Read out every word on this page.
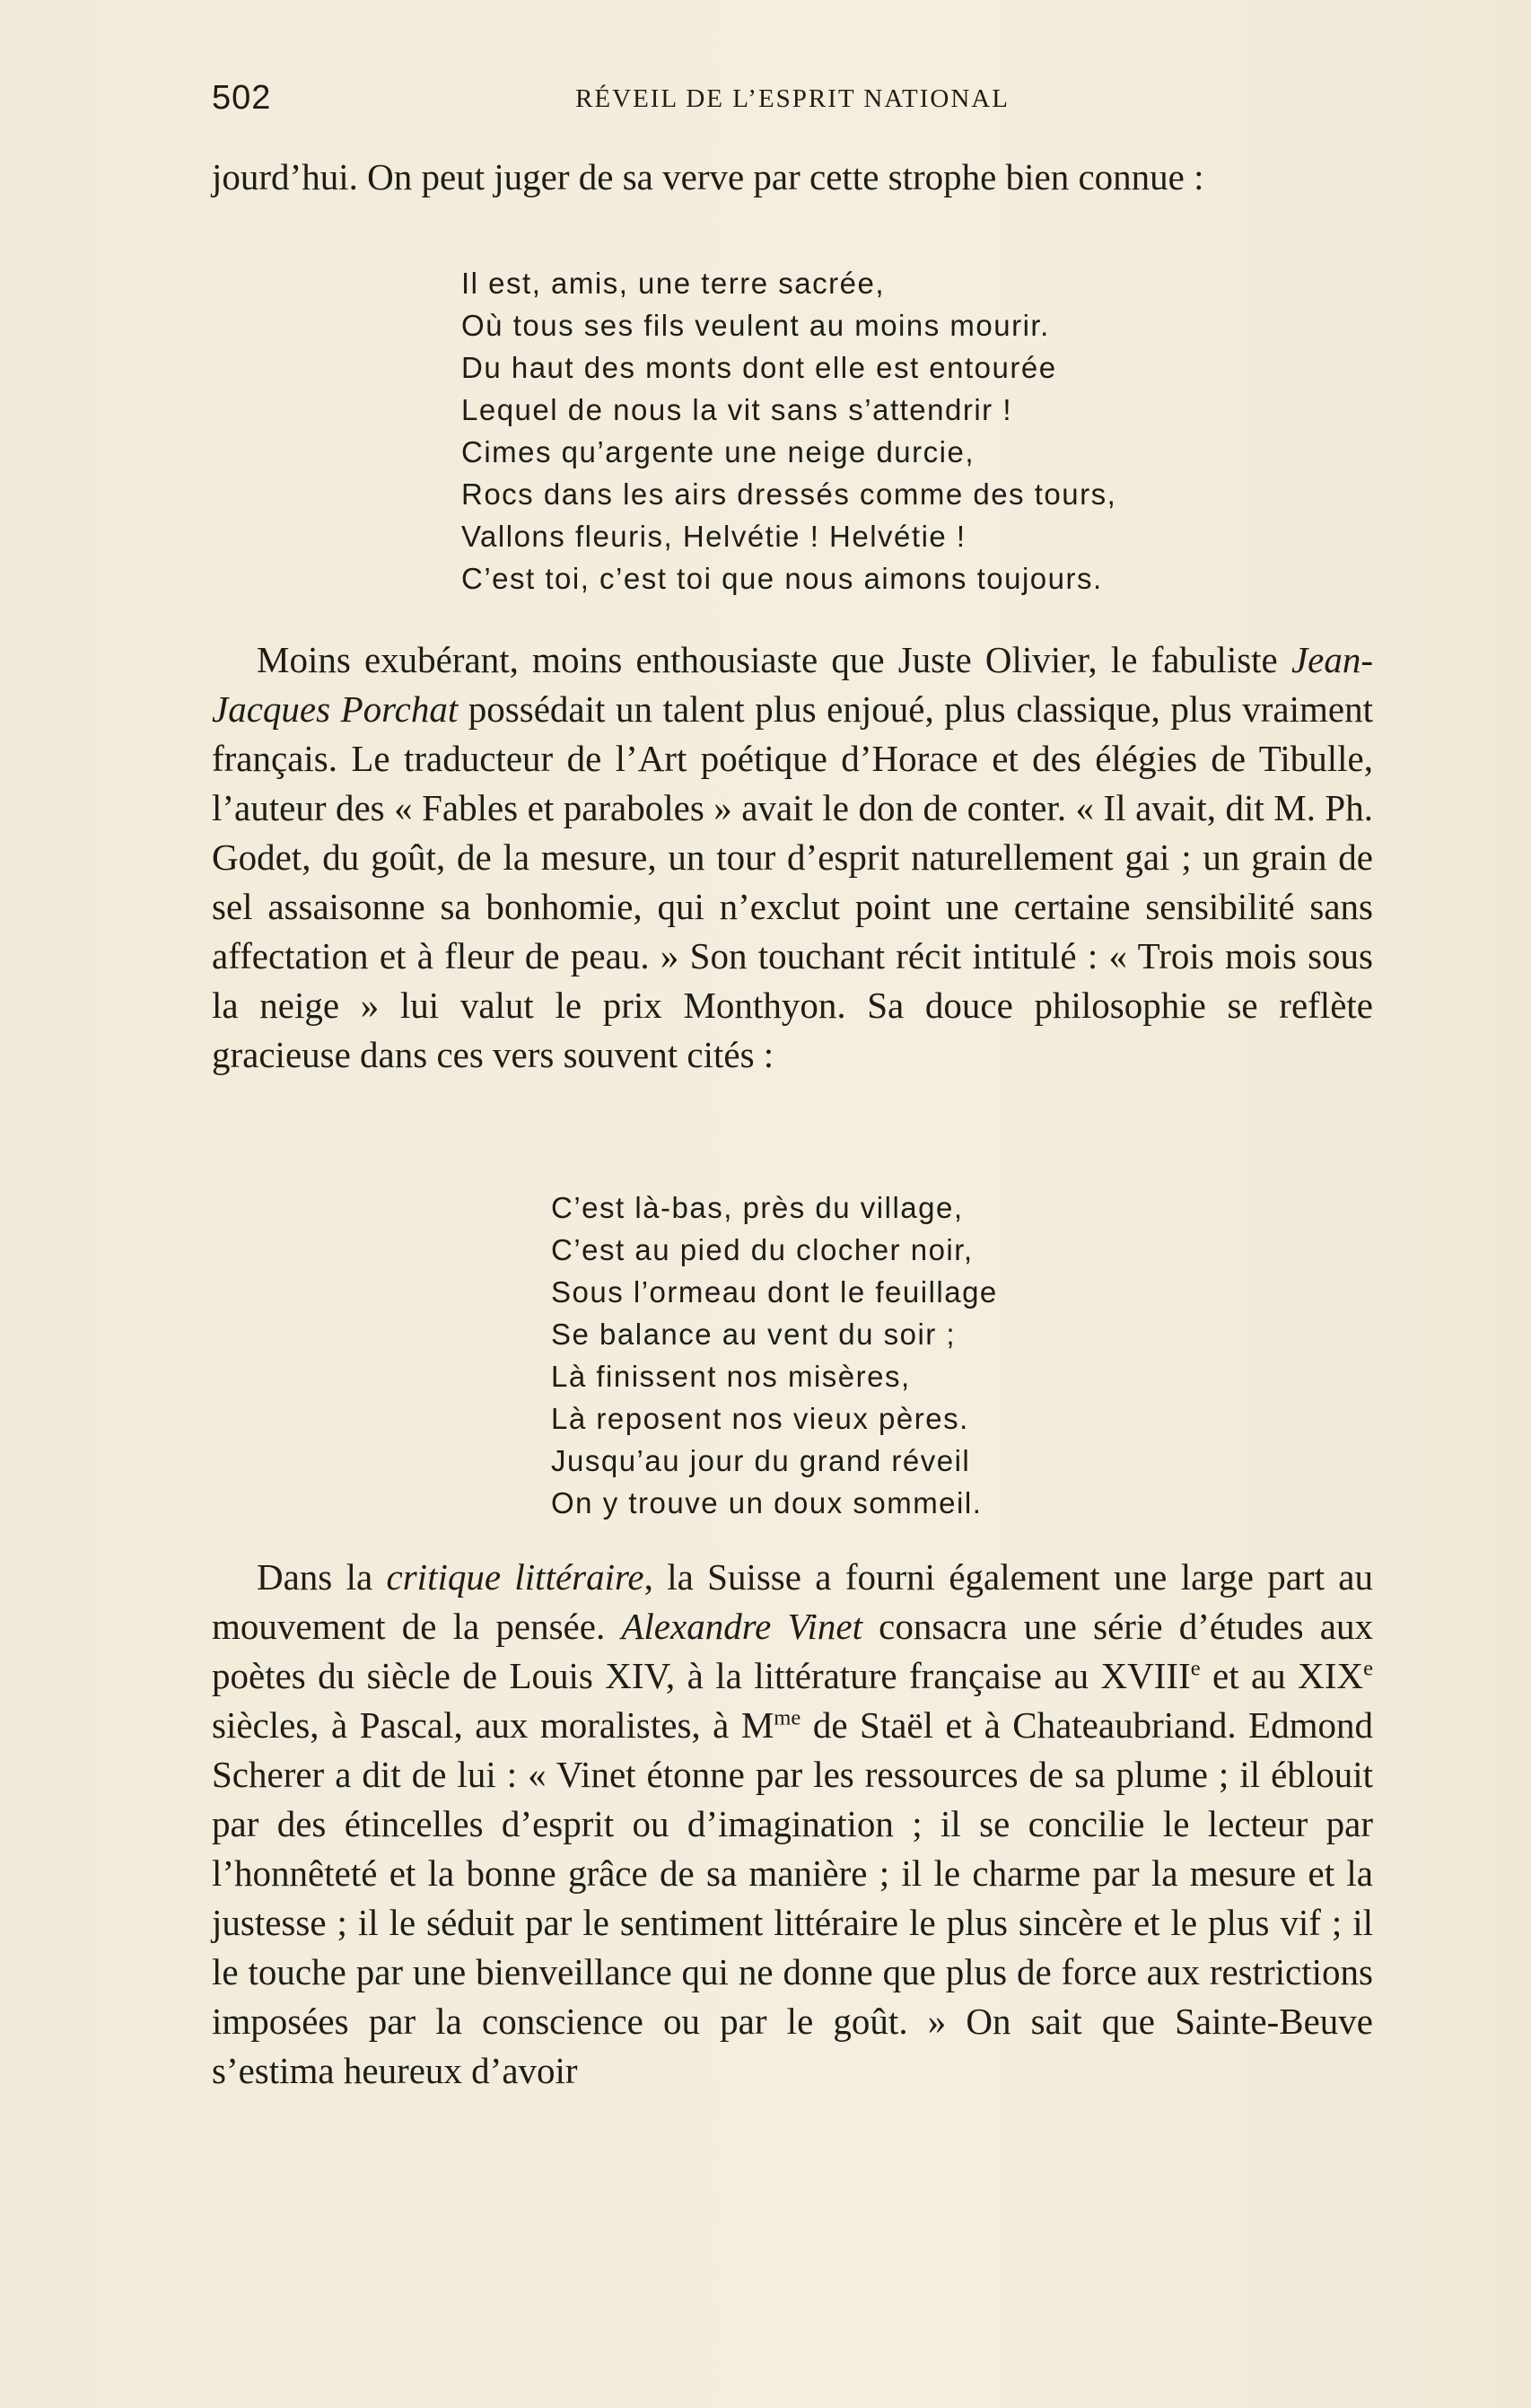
502	RÉVEIL DE L’ESPRIT NATIONAL

jourd’hui. On peut juger de sa verve par cette strophe bien connue :

Il est, amis, une terre sacrée,
Où tous ses fils veulent au moins mourir.
Du haut des monts dont elle est entourée
Lequel de nous la vit sans s’attendrir !
Cimes qu’argente une neige durcie,
Rocs dans les airs dressés comme des tours,
Vallons fleuris, Helvétie ! Helvétie !
C’est toi, c’est toi que nous aimons toujours.

Moins exubérant, moins enthousiaste que Juste Olivier, le fabuliste Jean-Jacques Porchat possédait un talent plus enjoué, plus classique, plus vraiment français. Le traducteur de l’Art poétique d’Horace et des élégies de Tibulle, l’auteur des « Fables et paraboles » avait le don de conter. « Il avait, dit M. Ph. Godet, du goût, de la mesure, un tour d’esprit naturellement gai ; un grain de sel assaisonne sa bonhomie, qui n’exclut point une certaine sensibilité sans affectation et à fleur de peau. » Son touchant récit intitulé : « Trois mois sous la neige » lui valut le prix Monthyon. Sa douce philosophie se reflète gracieuse dans ces vers souvent cités :

C’est là-bas, près du village,
C’est au pied du clocher noir,
Sous l’ormeau dont le feuillage
Se balance au vent du soir ;
Là finissent nos misères,
Là reposent nos vieux pères.
Jusqu’au jour du grand réveil
On y trouve un doux sommeil.

Dans la critique littéraire, la Suisse a fourni également une large part au mouvement de la pensée. Alexandre Vinet consacra une série d’études aux poètes du siècle de Louis XIV, à la littérature française au XVIIIe et au XIXe siècles, à Pascal, aux moralistes, à $M^{me}$ de Staël et à Chateaubriand. Edmond Scherer a dit de lui : « Vinet étonne par les ressources de sa plume ; il éblouit par des étincelles d’esprit ou d’imagination ; il se concilie le lecteur par l’honnêteté et la bonne grâce de sa manière ; il le charme par la mesure et la justesse ; il le séduit par le sentiment littéraire le plus sincère et le plus vif ; il le touche par une bienveillance qui ne donne que plus de force aux restrictions imposées par la conscience ou par le goût. » On sait que Sainte-Beuve s’estima heureux d’avoir
